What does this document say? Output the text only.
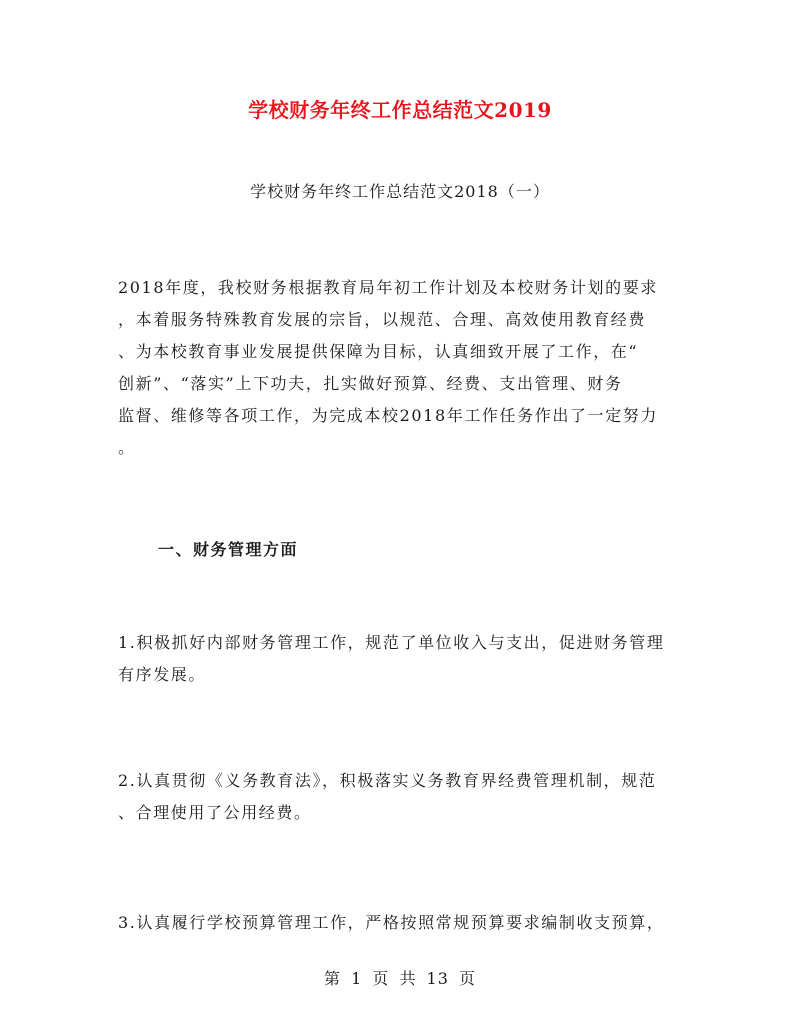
学校财务年终工作总结范文2019
学校财务年终工作总结范文2018（一）
2018年度，我校财务根据教育局年初工作计划及本校财务计划的要求
，本着服务特殊教育发展的宗旨，以规范、合理、高效使用教育经费
、为本校教育事业发展提供保障为目标，认真细致开展了工作，在“
创新”、“落实”上下功夫，扎实做好预算、经费、支出管理、财务
监督、维修等各项工作，为完成本校2018年工作任务作出了一定努力
。
一、财务管理方面
1.积极抓好内部财务管理工作，规范了单位收入与支出，促进财务管理
有序发展。
2.认真贯彻《义务教育法》，积极落实义务教育界经费管理机制，规范
、合理使用了公用经费。
3.认真履行学校预算管理工作，严格按照常规预算要求编制收支预算，
第 1 页 共 13 页
